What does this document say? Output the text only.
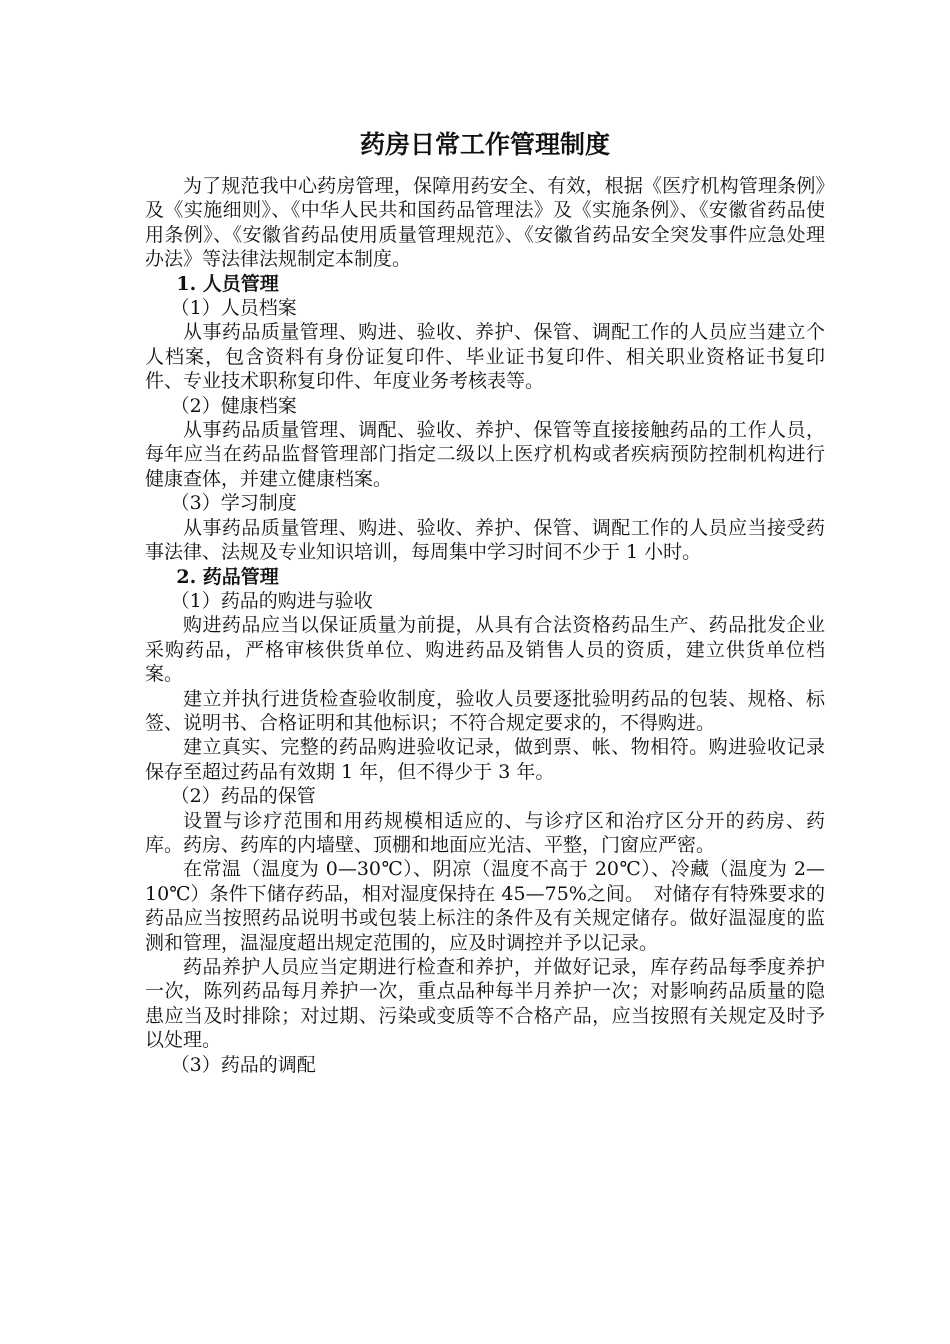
药房日常工作管理制度

为了规范我中心药房管理，保障用药安全、有效，根据《医疗机构管理条例》及《实施细则》、《中华人民共和国药品管理法》及《实施条例》、《安徽省药品使用条例》、《安徽省药品使用质量管理规范》、《安徽省药品安全突发事件应急处理办法》等法律法规制定本制度。

1. 人员管理

（1）人员档案

从事药品质量管理、购进、验收、养护、保管、调配工作的人员应当建立个人档案，包含资料有身份证复印件、毕业证书复印件、相关职业资格证书复印件、专业技术职称复印件、年度业务考核表等。

（2）健康档案

从事药品质量管理、调配、验收、养护、保管等直接接触药品的工作人员，每年应当在药品监督管理部门指定二级以上医疗机构或者疾病预防控制机构进行健康查体，并建立健康档案。

（3）学习制度

从事药品质量管理、购进、验收、养护、保管、调配工作的人员应当接受药事法律、法规及专业知识培训，每周集中学习时间不少于 1 小时。

2. 药品管理

（1）药品的购进与验收

购进药品应当以保证质量为前提，从具有合法资格药品生产、药品批发企业采购药品，严格审核供货单位、购进药品及销售人员的资质，建立供货单位档案。

建立并执行进货检查验收制度，验收人员要逐批验明药品的包装、规格、标签、说明书、合格证明和其他标识；不符合规定要求的，不得购进。

建立真实、完整的药品购进验收记录，做到票、帐、物相符。购进验收记录保存至超过药品有效期 1 年，但不得少于 3 年。

（2）药品的保管

设置与诊疗范围和用药规模相适应的、与诊疗区和治疗区分开的药房、药库。药房、药库的内墙壁、顶棚和地面应光洁、平整，门窗应严密。

在常温（温度为 0—30℃）、阴凉（温度不高于 20℃）、冷藏（温度为 2—10℃）条件下储存药品，相对湿度保持在 45—75%之间。　对储存有特殊要求的药品应当按照药品说明书或包装上标注的条件及有关规定储存。做好温湿度的监测和管理，温湿度超出规定范围的，应及时调控并予以记录。

药品养护人员应当定期进行检查和养护，并做好记录，库存药品每季度养护一次，陈列药品每月养护一次，重点品种每半月养护一次；对影响药品质量的隐患应当及时排除；对过期、污染或变质等不合格产品，应当按照有关规定及时予以处理。

（3）药品的调配
